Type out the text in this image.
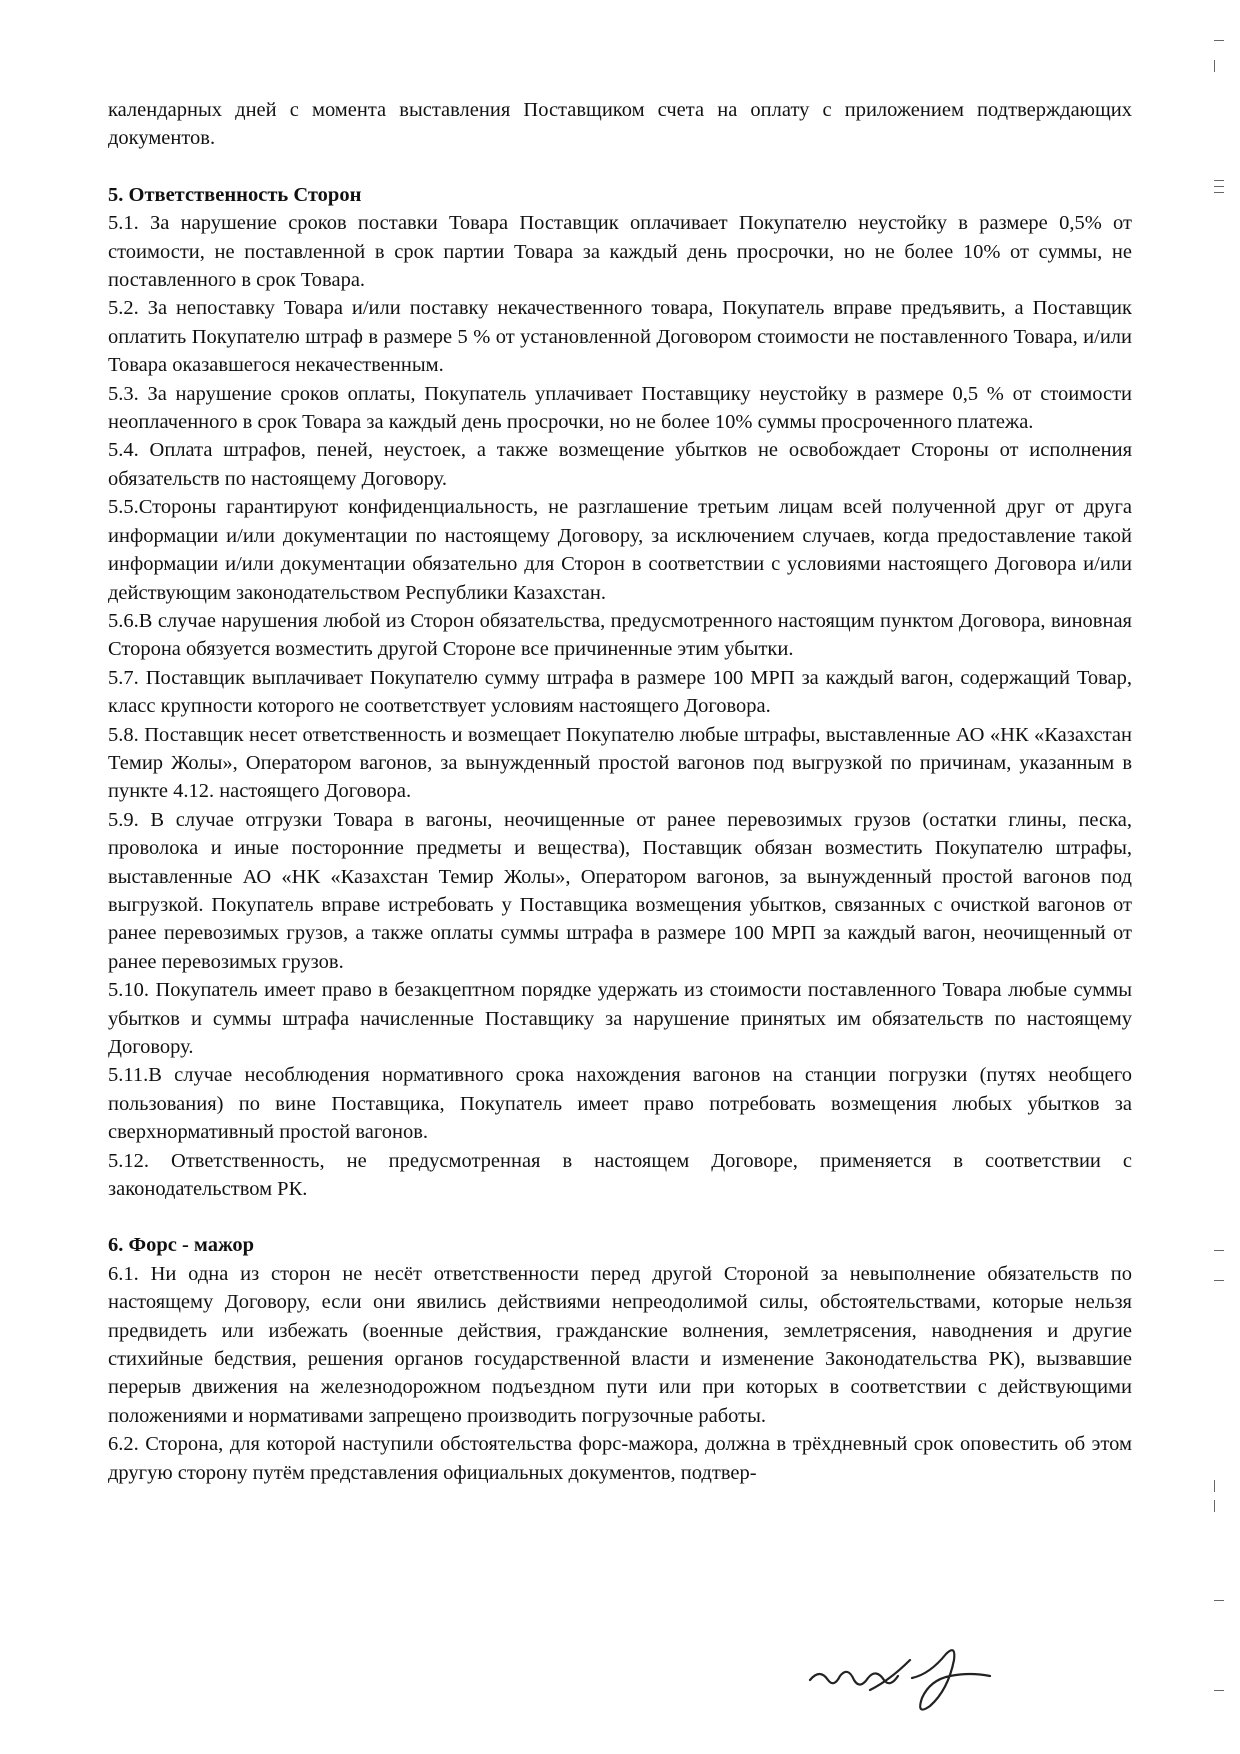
календарных дней с момента выставления Поставщиком счета на оплату с приложением подтверждающих документов.

5. Ответственность Сторон

5.1. За нарушение сроков поставки Товара Поставщик оплачивает Покупателю неустойку в размере 0,5% от стоимости, не поставленной в срок партии Товара за каждый день просрочки, но не более 10% от суммы, не поставленного в срок Товара.

5.2. За непоставку Товара и/или поставку некачественного товара, Покупатель вправе предъявить, а Поставщик оплатить Покупателю штраф в размере 5 % от установленной Договором стоимости не поставленного Товара, и/или Товара оказавшегося некачественным.

5.3. За нарушение сроков оплаты, Покупатель уплачивает Поставщику неустойку в размере 0,5 % от стоимости неоплаченного в срок Товара за каждый день просрочки, но не более 10% суммы просроченного платежа.

5.4. Оплата штрафов, пеней, неустоек, а также возмещение убытков не освобождает Стороны от исполнения обязательств по настоящему Договору.

5.5.Стороны гарантируют конфиденциальность, не разглашение третьим лицам всей полученной друг от друга информации и/или документации по настоящему Договору, за исключением случаев, когда предоставление такой информации и/или документации обязательно для Сторон в соответствии с условиями настоящего Договора и/или действующим законодательством Республики Казахстан.

5.6.В случае нарушения любой из Сторон обязательства, предусмотренного настоящим пунктом Договора, виновная Сторона обязуется возместить другой Стороне все причиненные этим убытки.

5.7. Поставщик выплачивает Покупателю сумму штрафа в размере 100 МРП за каждый вагон, содержащий Товар, класс крупности которого не соответствует условиям настоящего Договора.

5.8. Поставщик несет ответственность и возмещает Покупателю любые штрафы, выставленные АО «НК «Казахстан Темир Жолы», Оператором вагонов, за вынужденный простой вагонов под выгрузкой по причинам, указанным в пункте 4.12. настоящего Договора.

5.9. В случае отгрузки Товара в вагоны, неочищенные от ранее перевозимых грузов (остатки глины, песка, проволока и иные посторонние предметы и вещества), Поставщик обязан возместить Покупателю штрафы, выставленные АО «НК «Казахстан Темир Жолы», Оператором вагонов, за вынужденный простой вагонов под выгрузкой. Покупатель вправе истребовать у Поставщика возмещения убытков, связанных с очисткой вагонов от ранее перевозимых грузов, а также оплаты суммы штрафа в размере 100 МРП за каждый вагон, неочищенный от ранее перевозимых грузов.

5.10. Покупатель имеет право в безакцептном порядке удержать из стоимости поставленного Товара любые суммы убытков и суммы штрафа начисленные Поставщику за нарушение принятых им обязательств по настоящему Договору.

5.11.В случае несоблюдения нормативного срока нахождения вагонов на станции погрузки (путях необщего пользования) по вине Поставщика, Покупатель имеет право потребовать возмещения любых убытков за сверхнормативный простой вагонов.

5.12. Ответственность, не предусмотренная в настоящем Договоре, применяется в соответствии с законодательством РК.

6. Форс - мажор

6.1. Ни одна из сторон не несёт ответственности перед другой Стороной за невыполнение обязательств по настоящему Договору, если они явились действиями непреодолимой силы, обстоятельствами, которые нельзя предвидеть или избежать (военные действия, гражданские волнения, землетрясения, наводнения и другие стихийные бедствия, решения органов государственной власти и изменение Законодательства РК), вызвавшие перерыв движения на железнодорожном подъездном пути или при которых в соответствии с действующими положениями и нормативами запрещено производить погрузочные работы.

6.2. Сторона, для которой наступили обстоятельства форс-мажора, должна в трёхдневный срок оповестить об этом другую сторону путём представления официальных документов, подтвер-
